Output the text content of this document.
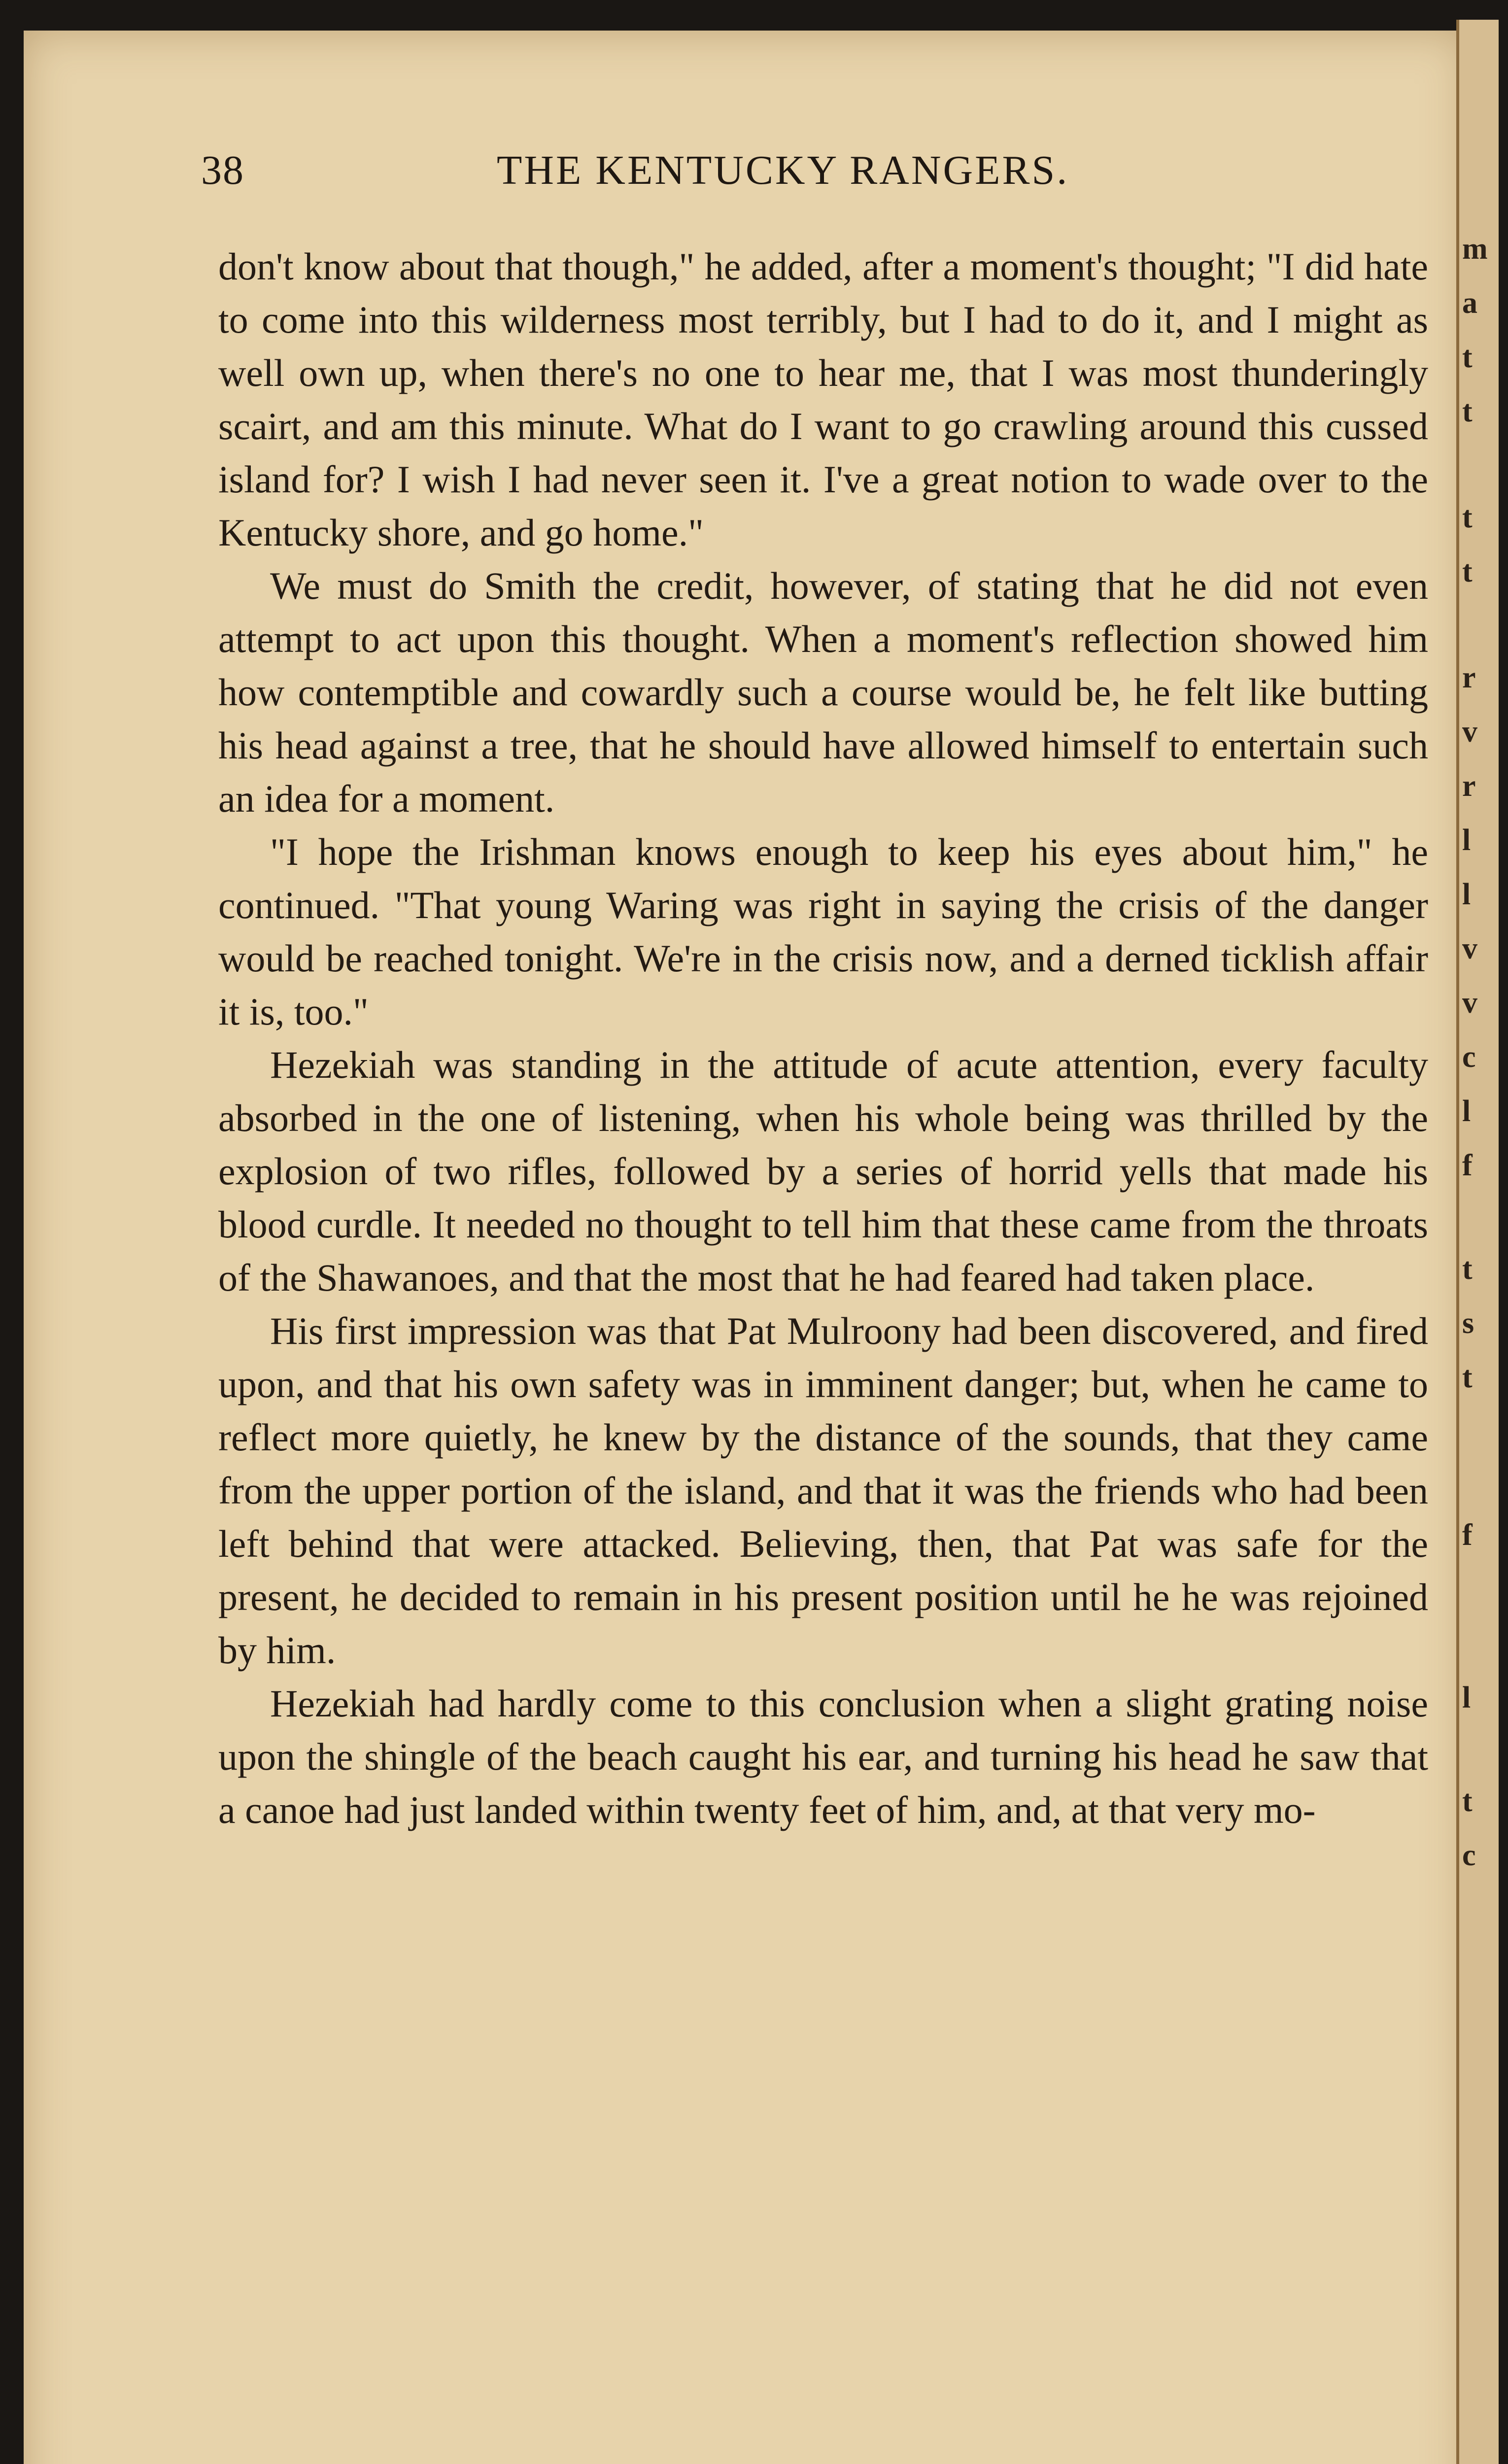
38	THE KENTUCKY RANGERS.

don't know about that though," he added, after a moment's thought; "I did hate to come into this wilderness most terribly, but I had to do it, and I might as well own up, when there's no one to hear me, that I was most thunderingly scairt, and am this minute. What do I want to go crawling around this cussed island for? I wish I had never seen it. I've a great notion to wade over to the Kentucky shore, and go home."

We must do Smith the credit, however, of stating that he did not even attempt to act upon this thought. When a moment's reflection showed him how contemptible and cowardly such a course would be, he felt like butting his head against a tree, that he should have allowed himself to entertain such an idea for a moment.

"I hope the Irishman knows enough to keep his eyes about him," he continued. "That young Waring was right in saying the crisis of the danger would be reached tonight. We're in the crisis now, and a derned ticklish affair it is, too."

Hezekiah was standing in the attitude of acute attention, every faculty absorbed in the one of listening, when his whole being was thrilled by the explosion of two rifles, followed by a series of horrid yells that made his blood curdle. It needed no thought to tell him that these came from the throats of the Shawanoes, and that the most that he had feared had taken place.

His first impression was that Pat Mulroony had been discovered, and fired upon, and that his own safety was in imminent danger; but, when he came to reflect more quietly, he knew by the distance of the sounds, that they came from the upper portion of the island, and that it was the friends who had been left behind that were attacked. Believing, then, that Pat was safe for the present, he decided to remain in his present position until he he was rejoined by him.

Hezekiah had hardly come to this conclusion when a slight grating noise upon the shingle of the beach caught his ear, and turning his head he saw that a canoe had just landed within twenty feet of him, and, at that very mo-

m
a
t
t
t
t
r
v
r
l
l
v
v
c
l
f
t
s
t
f
l
t
c
